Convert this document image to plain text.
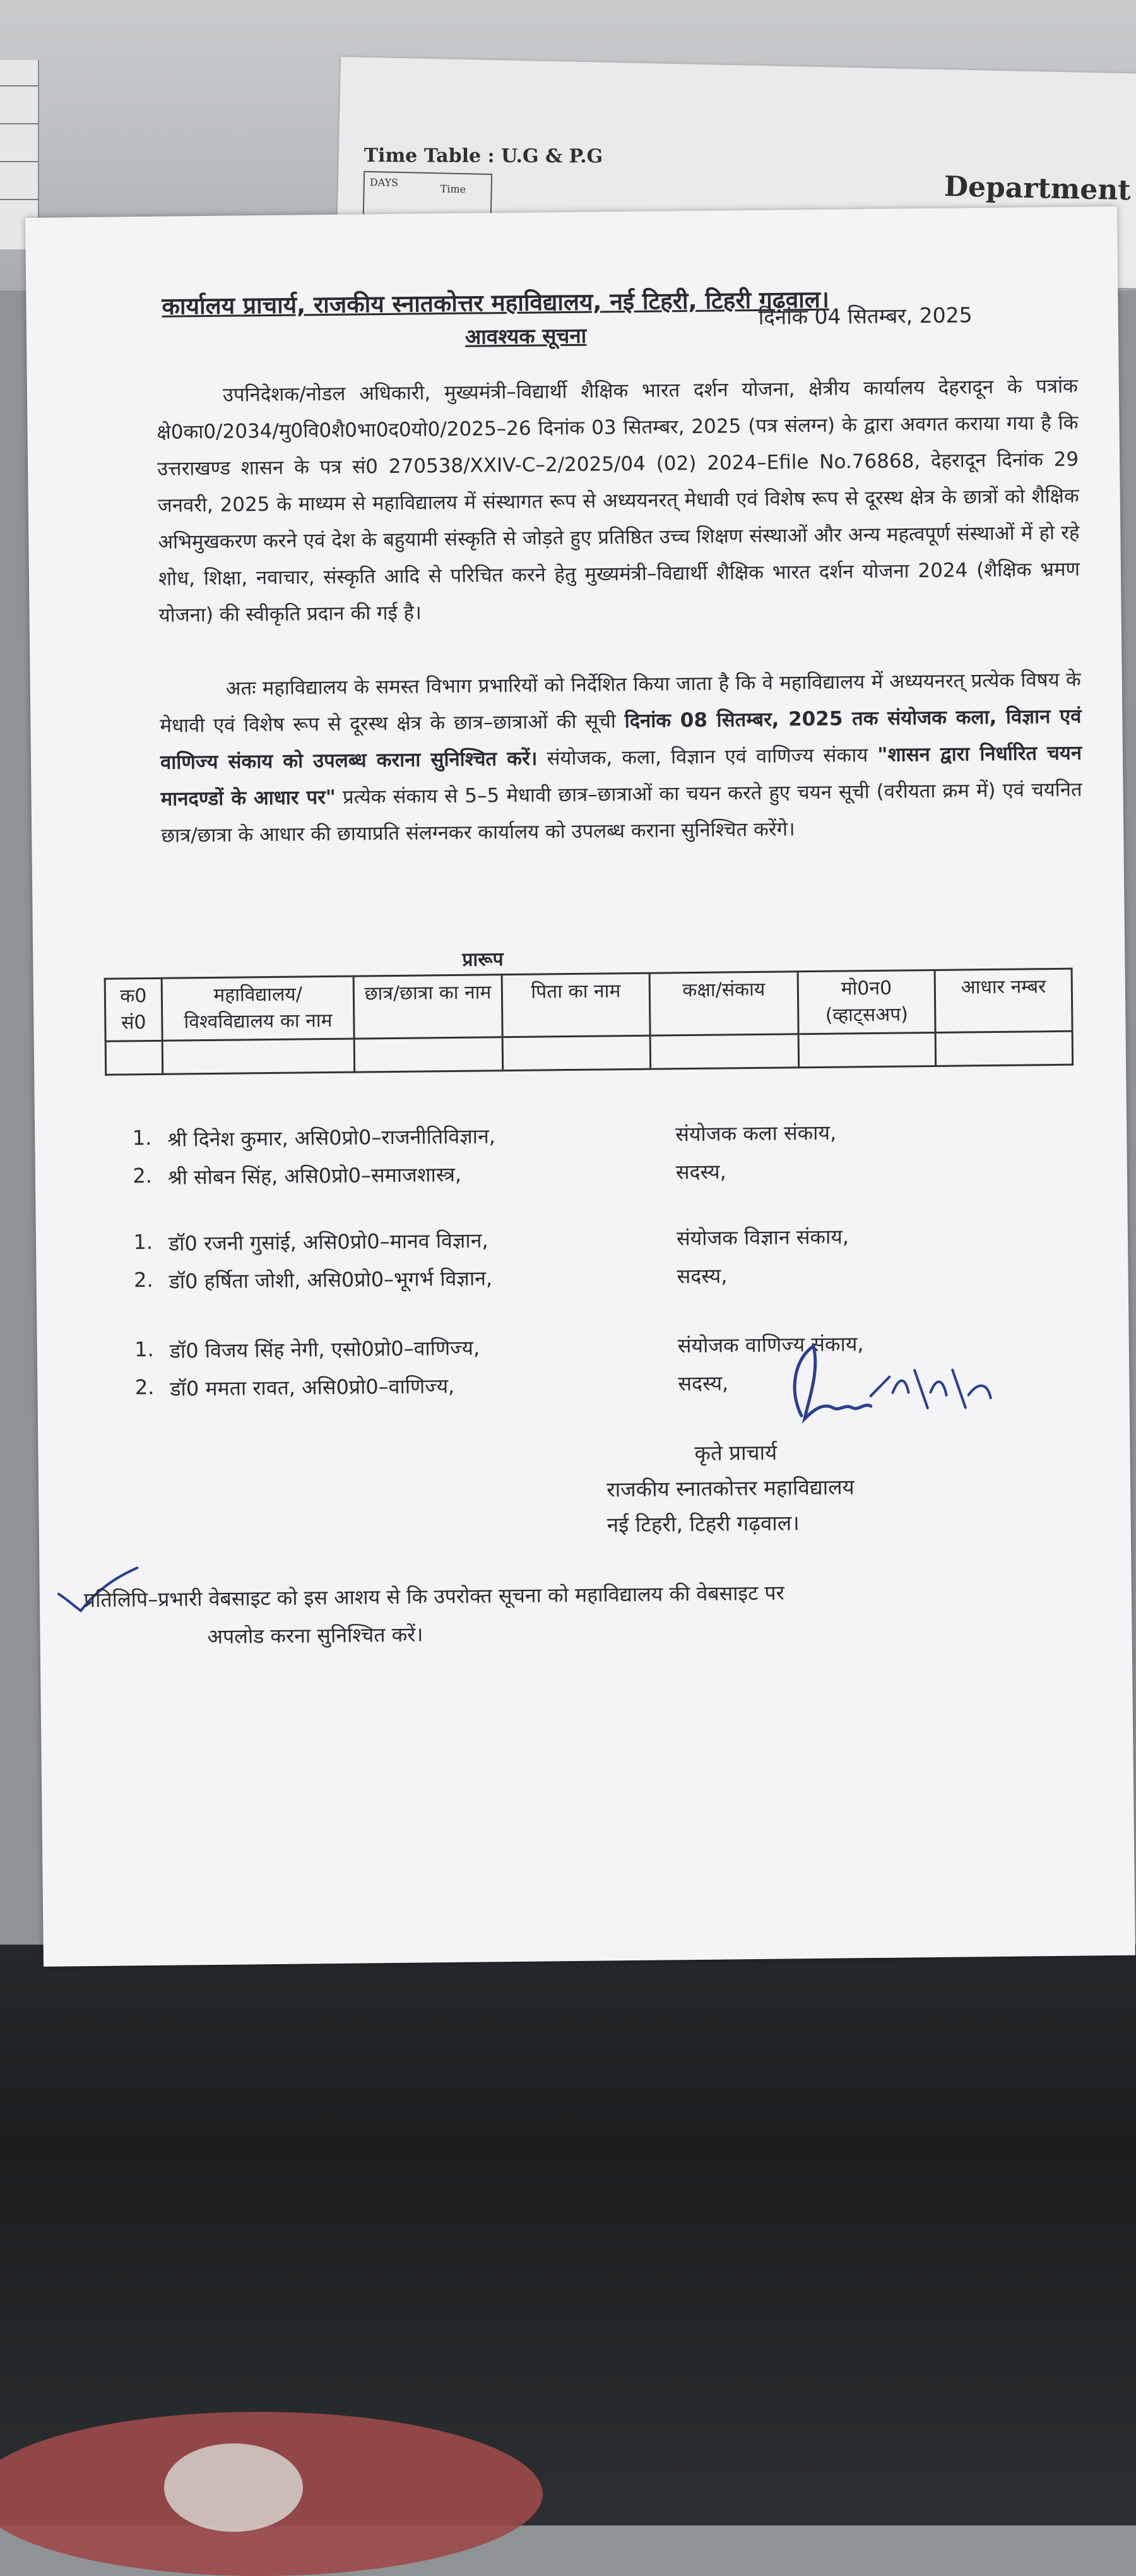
Time Table : U.G & P.G
DAYS
Time	Department
कार्यालय प्राचार्य, राजकीय स्नातकोत्तर महाविद्यालय, नई टिहरी, टिहरी गढ़वाल।
दिनांक 04 सितम्बर, 2025
आवश्यक सूचना
उपनिदेशक/नोडल अधिकारी, मुख्यमंत्री–विद्यार्थी शैक्षिक भारत दर्शन योजना, क्षेत्रीय कार्यालय देहरादून के पत्रांक क्षे0का0/2034/मु0वि0शै0भा0द0यो0/2025–26 दिनांक 03 सितम्बर, 2025 (पत्र संलग्न) के द्वारा अवगत कराया गया है कि उत्तराखण्ड शासन के पत्र सं0 270538/XXIV-C–2/2025/04 (02) 2024–Efile No.76868, देहरादून दिनांक 29 जनवरी, 2025 के माध्यम से महाविद्यालय में संस्थागत रूप से अध्ययनरत् मेधावी एवं विशेष रूप से दूरस्थ क्षेत्र के छात्रों को शैक्षिक अभिमुखकरण करने एवं देश के बहुयामी संस्कृति से जोड़ते हुए प्रतिष्ठित उच्च शिक्षण संस्थाओं और अन्य महत्वपूर्ण संस्थाओं में हो रहे शोध, शिक्षा, नवाचार, संस्कृति आदि से परिचित करने हेतु मुख्यमंत्री–विद्यार्थी शैक्षिक भारत दर्शन योजना 2024 (शैक्षिक भ्रमण योजना) की स्वीकृति प्रदान की गई है।
अतः महाविद्यालय के समस्त विभाग प्रभारियों को निर्देशित किया जाता है कि वे महाविद्यालय में अध्ययनरत् प्रत्येक विषय के मेधावी एवं विशेष रूप से दूरस्थ क्षेत्र के छात्र–छात्राओं की सूची दिनांक 08 सितम्बर, 2025 तक संयोजक कला, विज्ञान एवं वाणिज्य संकाय को उपलब्ध कराना सुनिश्चित करें। संयोजक, कला, विज्ञान एवं वाणिज्य संकाय "शासन द्वारा निर्धारित चयन मानदण्डों के आधार पर" प्रत्येक संकाय से 5–5 मेधावी छात्र–छात्राओं का चयन करते हुए चयन सूची (वरीयता क्रम में) एवं चयनित छात्र/छात्रा के आधार की छायाप्रति संलग्नकर कार्यालय को उपलब्ध कराना सुनिश्चित करेंगे।
प्रारूप
क0 सं0	महाविद्यालय/ विश्वविद्यालय का नाम	छात्र/छात्रा का नाम	पिता का नाम	कक्षा/संकाय	मो0न0 (व्हाट्सअप)	आधार नम्बर

1. श्री दिनेश कुमार, असि0प्रो0–राजनीतिविज्ञान,	संयोजक कला संकाय,
2. श्री सोबन सिंह, असि0प्रो0–समाजशास्त्र,	सदस्य,
1. डॉ0 रजनी गुसांई, असि0प्रो0–मानव विज्ञान,	संयोजक विज्ञान संकाय,
2. डॉ0 हर्षिता जोशी, असि0प्रो0–भूगर्भ विज्ञान,	सदस्य,
1. डॉ0 विजय सिंह नेगी, एसो0प्रो0–वाणिज्य,	संयोजक वाणिज्य संकाय,
2. डॉ0 ममता रावत, असि0प्रो0–वाणिज्य,	सदस्य,
कृते प्राचार्य
राजकीय स्नातकोत्तर महाविद्यालय
नई टिहरी, टिहरी गढ़वाल।
प्रतिलिपि–प्रभारी वेबसाइट को इस आशय से कि उपरोक्त सूचना को महाविद्यालय की वेबसाइट पर
अपलोड करना सुनिश्चित करें।
